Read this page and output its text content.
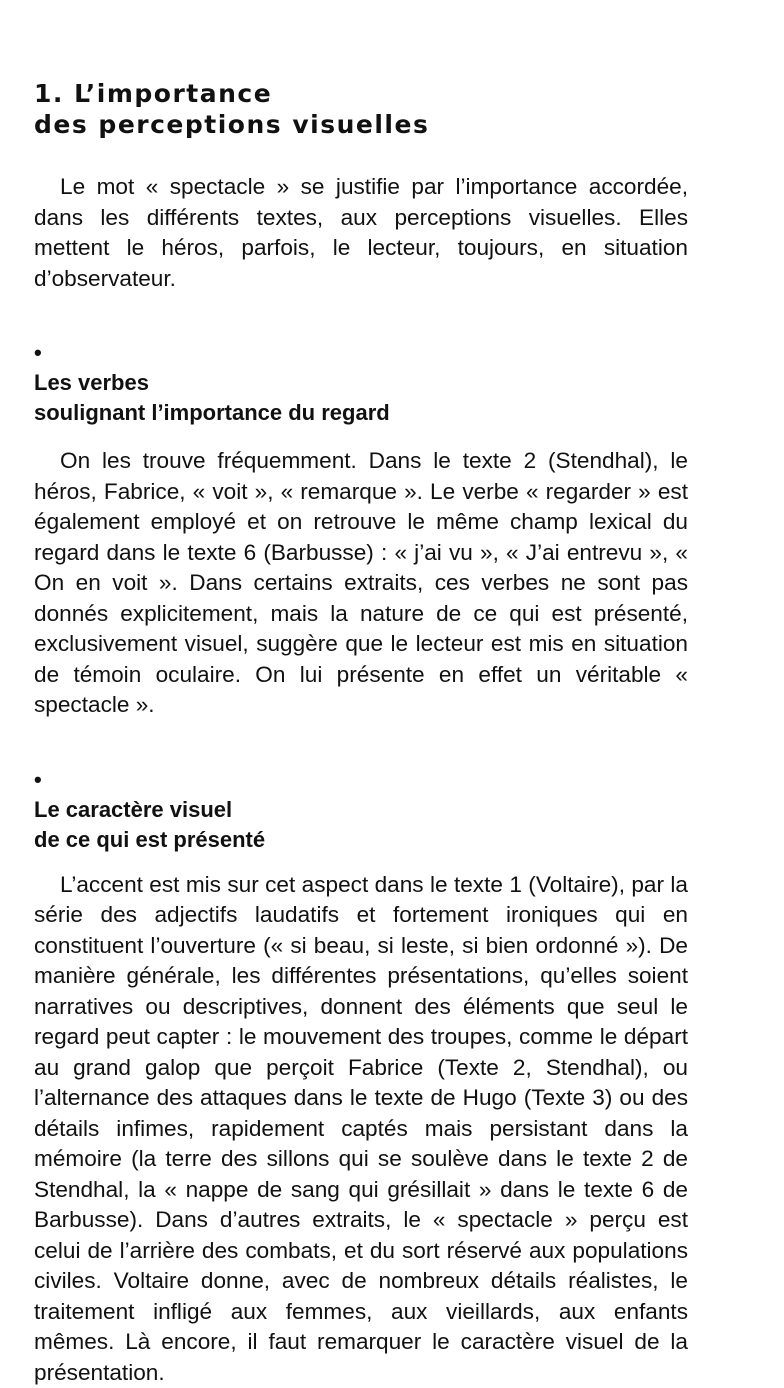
1. L’importance
des perceptions visuelles

Le mot « spectacle » se justifie par l’importance accordée, dans les différents textes, aux perceptions visuelles. Elles mettent le héros, parfois, le lecteur, toujours, en situation d’observateur.

•
Les verbes
soulignant l’importance du regard

On les trouve fréquemment. Dans le texte 2 (Stendhal), le héros, Fabrice, « voit », « remarque ». Le verbe « regarder » est également employé et on retrouve le même champ lexical du regard dans le texte 6 (Barbusse) : « j’ai vu », « J’ai entrevu », « On en voit ». Dans certains extraits, ces verbes ne sont pas donnés explicitement, mais la nature de ce qui est présenté, exclusivement visuel, suggère que le lecteur est mis en situation de témoin oculaire. On lui présente en effet un véritable « spectacle ».

•
Le caractère visuel
de ce qui est présenté

L’accent est mis sur cet aspect dans le texte 1 (Voltaire), par la série des adjectifs laudatifs et fortement ironiques qui en constituent l’ouverture (« si beau, si leste, si bien ordonné »). De manière générale, les différentes présentations, qu’elles soient narratives ou descriptives, donnent des éléments que seul le regard peut capter : le mouvement des troupes, comme le départ au grand galop que perçoit Fabrice (Texte 2, Stendhal), ou l’alternance des attaques dans le texte de Hugo (Texte 3) ou des détails infimes, rapidement captés mais persistant dans la mémoire (la terre des sillons qui se soulève dans le texte 2 de Stendhal, la « nappe de sang qui grésillait » dans le texte 6 de Barbusse). Dans d’autres extraits, le « spectacle » perçu est celui de l’arrière des combats, et du sort réservé aux populations civiles. Voltaire donne, avec de nombreux détails réalistes, le traitement infligé aux femmes, aux vieillards, aux enfants mêmes. Là encore, il faut remarquer le caractère visuel de la présentation.
